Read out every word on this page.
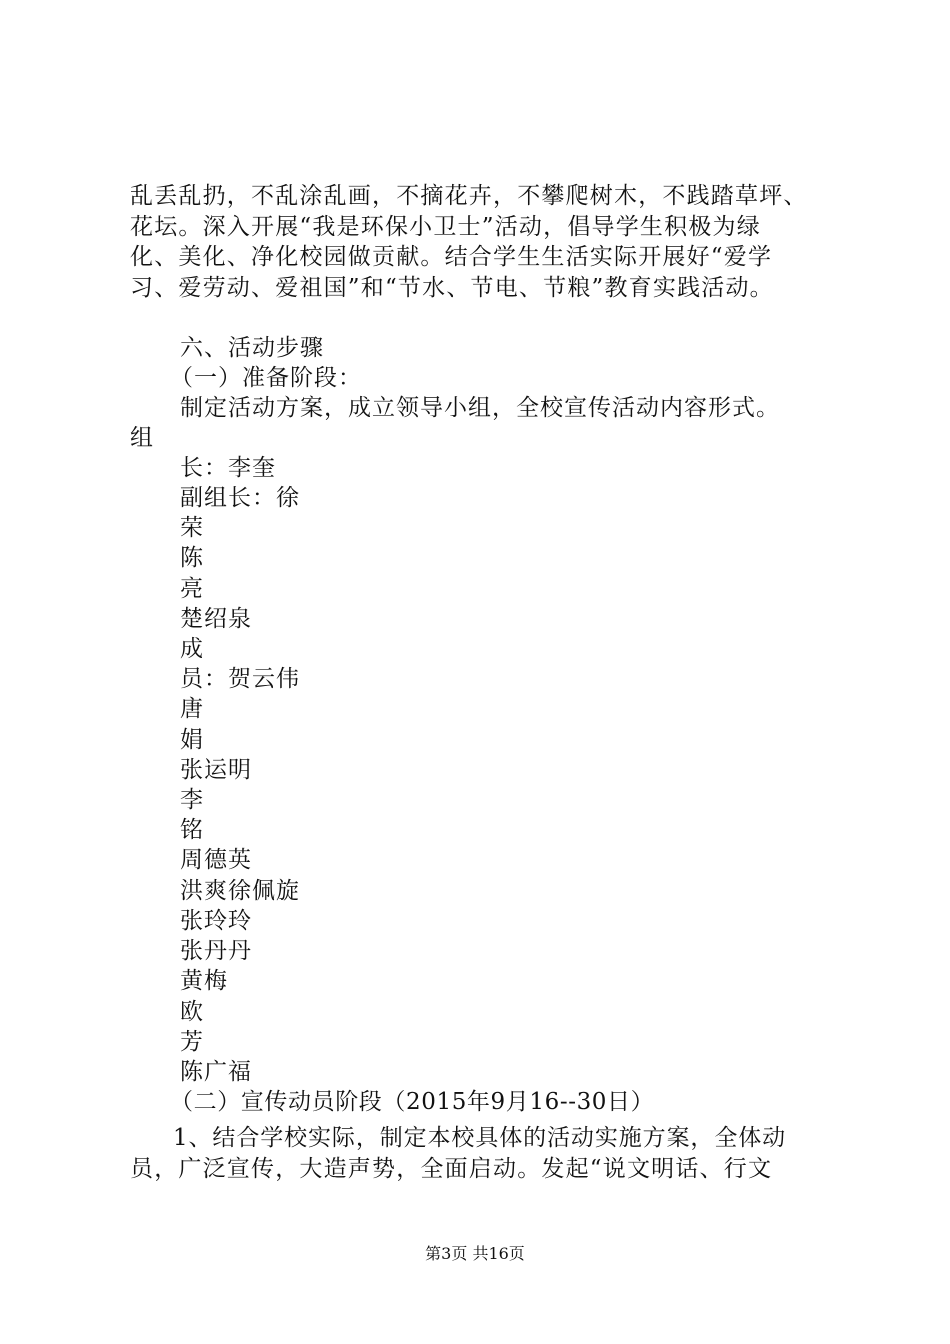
乱丢乱扔，不乱涂乱画，不摘花卉，不攀爬树木，不践踏草坪、
花坛。深入开展“我是环保小卫士”活动，倡导学生积极为绿
化、美化、净化校园做贡献。结合学生生活实际开展好“爱学
习、爱劳动、爱祖国”和“节水、节电、节粮”教育实践活动。

六、活动步骤

（一）准备阶段：

制定活动方案，成立领导小组，全校宣传活动内容形式。

组

长：李奎

副组长：徐

荣

陈

亮

楚绍泉

成

员：贺云伟

唐

娟

张运明

李

铭

周德英

洪爽徐佩旋

张玲玲

张丹丹

黄梅

欧

芳

陈广福

（二）宣传动员阶段（2015年9月16--30日）

1、结合学校实际，制定本校具体的活动实施方案，全体动
员，广泛宣传，大造声势，全面启动。发起“说文明话、行文

第3页 共16页
